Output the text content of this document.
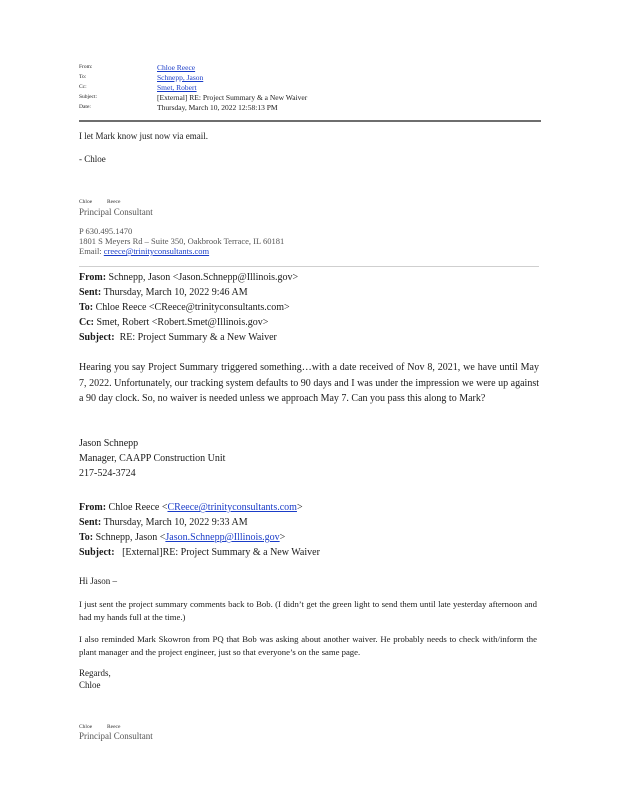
From:	Chloe Reece
To:	Schnepp, Jason
Cc:	Smet, Robert
Subject:	[External] RE: Project Summary & a New Waiver
Date:	Thursday, March 10, 2022 12:58:13 PM
I let Mark know just now via email.
- Chloe
Chloe	Reece
Principal Consultant
P 630.495.1470
1801 S Meyers Rd – Suite 350, Oakbrook Terrace, IL 60181
Email: creece@trinityconsultants.com
From: Schnepp, Jason <Jason.Schnepp@Illinois.gov>
Sent: Thursday, March 10, 2022 9:46 AM
To: Chloe Reece <CReece@trinityconsultants.com>
Cc: Smet, Robert <Robert.Smet@Illinois.gov>
Subject: RE: Project Summary & a New Waiver
Hearing you say Project Summary triggered something…with a date received of Nov 8, 2021, we have until May 7, 2022. Unfortunately, our tracking system defaults to 90 days and I was under the impression we were up against a 90 day clock. So, no waiver is needed unless we approach May 7. Can you pass this along to Mark?
Jason Schnepp
Manager, CAAPP Construction Unit
217-524-3724
From: Chloe Reece <CReece@trinityconsultants.com>
Sent: Thursday, March 10, 2022 9:33 AM
To: Schnepp, Jason <Jason.Schnepp@Illinois.gov>
Subject: [External]RE: Project Summary & a New Waiver
Hi Jason –
I just sent the project summary comments back to Bob. (I didn’t get the green light to send them until late yesterday afternoon and had my hands full at the time.)
I also reminded Mark Skowron from PQ that Bob was asking about another waiver. He probably needs to check with/inform the plant manager and the project engineer, just so that everyone’s on the same page.
Regards,
Chloe
Chloe	Reece
Principal Consultant
